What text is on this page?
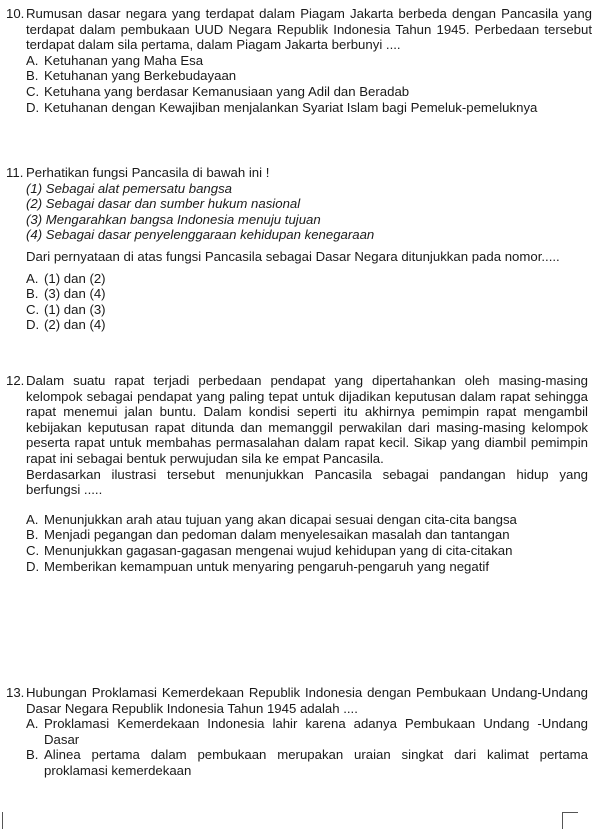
10. Rumusan dasar negara yang terdapat dalam Piagam Jakarta berbeda dengan Pancasila yang terdapat dalam pembukaan UUD Negara Republik Indonesia Tahun 1945. Perbedaan tersebut terdapat dalam sila pertama, dalam Piagam Jakarta berbunyi ....
A. Ketuhanan yang Maha Esa
B. Ketuhanan yang Berkebudayaan
C. Ketuhana yang berdasar Kemanusiaan yang Adil dan Beradab
D. Ketuhanan dengan Kewajiban menjalankan Syariat Islam bagi Pemeluk-pemeluknya
11. Perhatikan fungsi Pancasila di bawah ini !
(1) Sebagai alat pemersatu bangsa
(2) Sebagai dasar dan sumber hukum nasional
(3) Mengarahkan bangsa Indonesia menuju tujuan
(4) Sebagai dasar penyelenggaraan kehidupan kenegaraan
Dari pernyataan di atas fungsi Pancasila sebagai Dasar Negara ditunjukkan pada nomor.....
A. (1) dan (2)
B. (3) dan (4)
C. (1) dan (3)
D. (2) dan (4)
12. Dalam suatu rapat terjadi perbedaan pendapat yang dipertahankan oleh masing-masing kelompok sebagai pendapat yang paling tepat untuk dijadikan keputusan dalam rapat sehingga rapat menemui jalan buntu. Dalam kondisi seperti itu akhirnya pemimpin rapat mengambil kebijakan keputusan rapat ditunda dan memanggil perwakilan dari masing-masing kelompok peserta rapat untuk membahas permasalahan dalam rapat kecil. Sikap yang diambil pemimpin rapat ini sebagai bentuk perwujudan sila ke empat Pancasila.
Berdasarkan ilustrasi tersebut menunjukkan Pancasila sebagai pandangan hidup yang berfungsi .....
A. Menunjukkan arah atau tujuan yang akan dicapai sesuai dengan cita-cita bangsa
B. Menjadi pegangan dan pedoman dalam menyelesaikan masalah dan tantangan
C. Menunjukkan gagasan-gagasan mengenai wujud kehidupan yang di cita-citakan
D. Memberikan kemampuan untuk menyaring pengaruh-pengaruh yang negatif
13. Hubungan Proklamasi Kemerdekaan Republik Indonesia dengan Pembukaan Undang-Undang Dasar Negara Republik Indonesia Tahun 1945 adalah ....
A. Proklamasi Kemerdekaan Indonesia lahir karena adanya Pembukaan Undang -Undang Dasar
B. Alinea pertama dalam pembukaan merupakan uraian singkat dari kalimat pertama proklamasi kemerdekaan
